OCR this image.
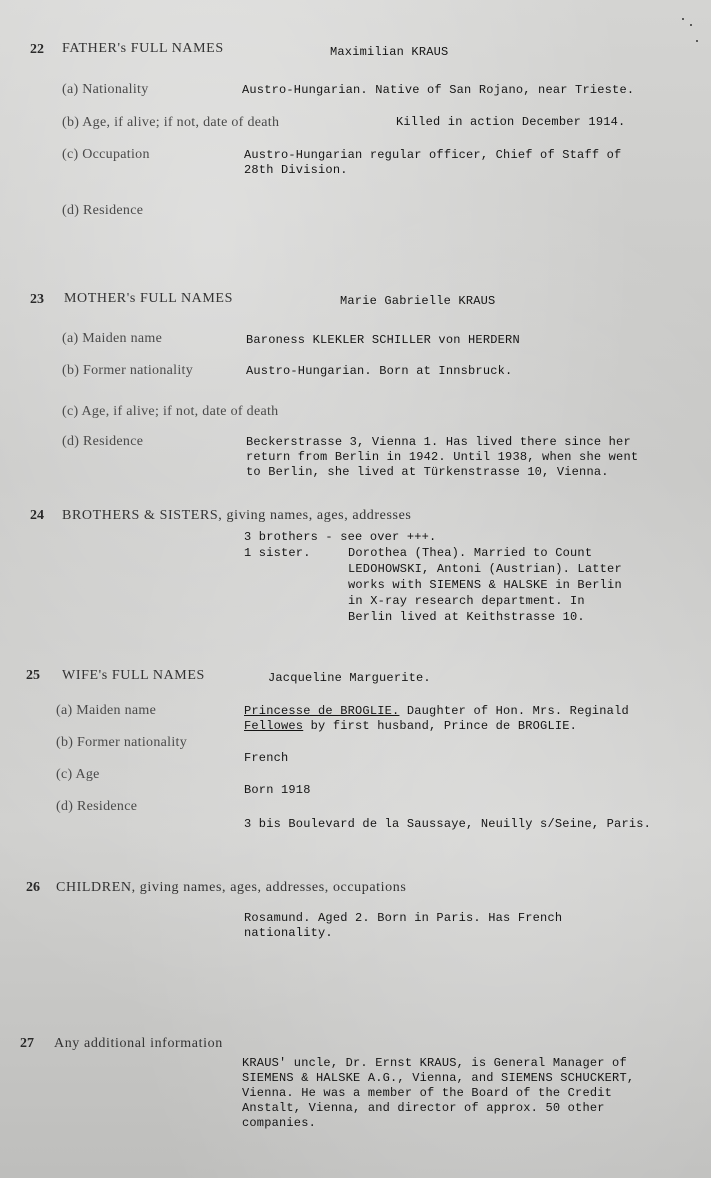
22 FATHER's FULL NAMES	Maximilian KRAUS
(a) Nationality	Austro-Hungarian. Native of San Rojano, near Trieste.
(b) Age, if alive; if not, date of death	Killed in action December 1914.
(c) Occupation	Austro-Hungarian regular officer, Chief of Staff of
28th Division.
(d) Residence
23 MOTHER's FULL NAMES	Marie Gabrielle KRAUS
(a) Maiden name	Baroness KLEKLER SCHILLER von HERDERN
(b) Former nationality	Austro-Hungarian. Born at Innsbruck.
(c) Age, if alive; if not, date of death
(d) Residence	Beckerstrasse 3, Vienna 1. Has lived there since her
return from Berlin in 1942. Until 1938, when she went
to Berlin, she lived at Türkenstrasse 10, Vienna.
24 BROTHERS & SISTERS, giving names, ages, addresses
3 brothers - see over +++.
1 sister.	Dorothea (Thea). Married to Count
LEDOHOWSKI, Antoni (Austrian). Latter
works with SIEMENS & HALSKE in Berlin
in X-ray research department. In
Berlin lived at Keithstrasse 10.
25 WIFE's FULL NAMES	Jacqueline Marguerite.
(a) Maiden name	Princesse de BROGLIE. Daughter of Hon. Mrs. Reginald
Fellowes by first husband, Prince de BROGLIE.
(b) Former nationality
French
(c) Age
Born 1918
(d) Residence
3 bis Boulevard de la Saussaye, Neuilly s/Seine, Paris.
26 CHILDREN, giving names, ages, addresses, occupations
Rosamund. Aged 2. Born in Paris. Has French
nationality.
27 Any additional information
KRAUS' uncle, Dr. Ernst KRAUS, is General Manager of
SIEMENS & HALSKE A.G., Vienna, and SIEMENS SCHUCKERT,
Vienna. He was a member of the Board of the Credit
Anstalt, Vienna, and director of approx. 50 other
companies.
